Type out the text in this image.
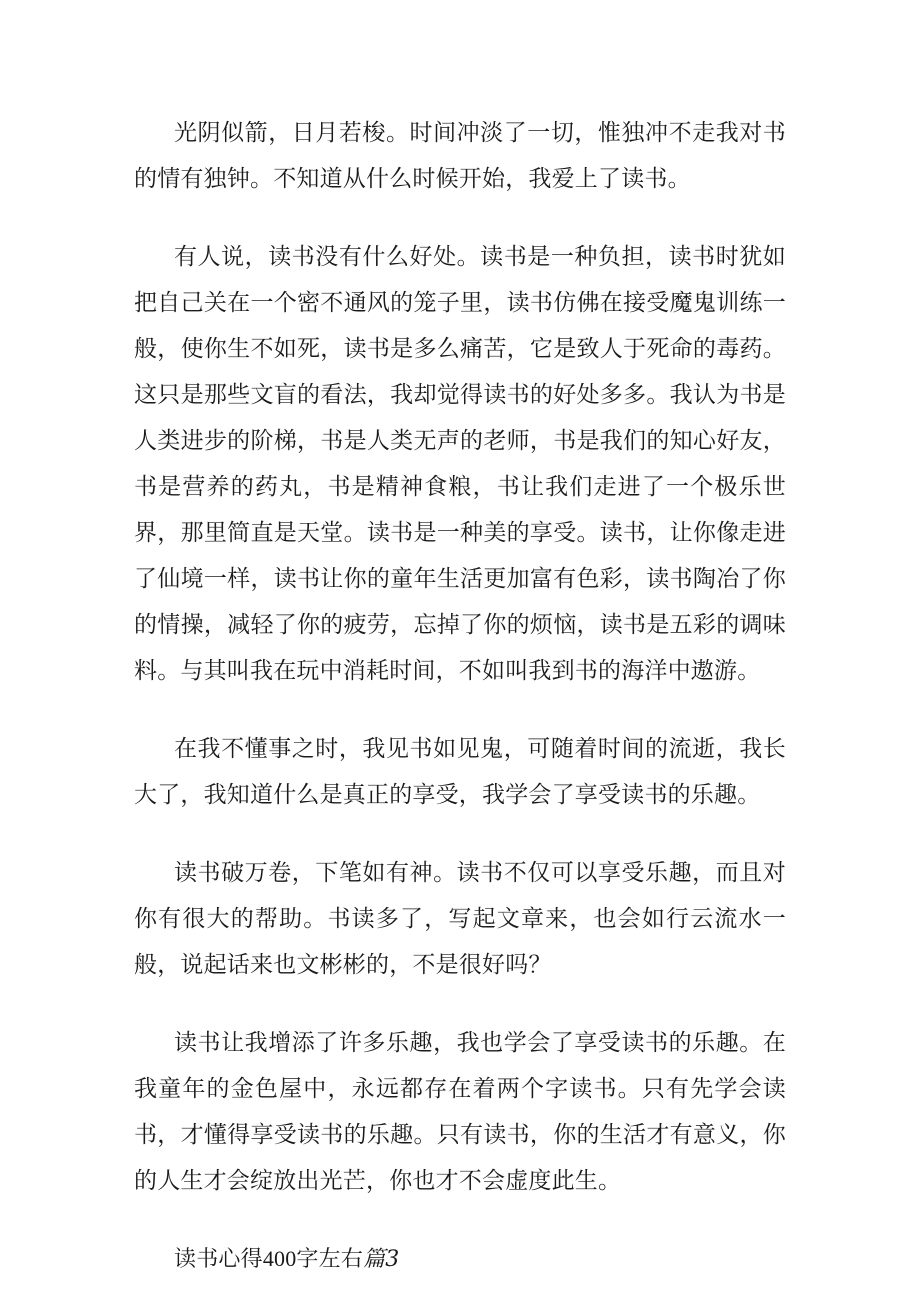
光阴似箭，日月若梭。时间冲淡了一切，惟独冲不走我对书的情有独钟。不知道从什么时候开始，我爱上了读书。

有人说，读书没有什么好处。读书是一种负担，读书时犹如把自己关在一个密不通风的笼子里，读书仿佛在接受魔鬼训练一般，使你生不如死，读书是多么痛苦，它是致人于死命的毒药。这只是那些文盲的看法，我却觉得读书的好处多多。我认为书是人类进步的阶梯，书是人类无声的老师，书是我们的知心好友，书是营养的药丸，书是精神食粮，书让我们走进了一个极乐世界，那里简直是天堂。读书是一种美的享受。读书，让你像走进了仙境一样，读书让你的童年生活更加富有色彩，读书陶冶了你的情操，减轻了你的疲劳，忘掉了你的烦恼，读书是五彩的调味料。与其叫我在玩中消耗时间，不如叫我到书的海洋中遨游。

在我不懂事之时，我见书如见鬼，可随着时间的流逝，我长大了，我知道什么是真正的享受，我学会了享受读书的乐趣。

读书破万卷，下笔如有神。读书不仅可以享受乐趣，而且对你有很大的帮助。书读多了，写起文章来，也会如行云流水一般，说起话来也文彬彬的，不是很好吗？

读书让我增添了许多乐趣，我也学会了享受读书的乐趣。在我童年的金色屋中，永远都存在着两个字读书。只有先学会读书，才懂得享受读书的乐趣。只有读书，你的生活才有意义，你的人生才会绽放出光芒，你也才不会虚度此生。

读书心得400字左右篇3
